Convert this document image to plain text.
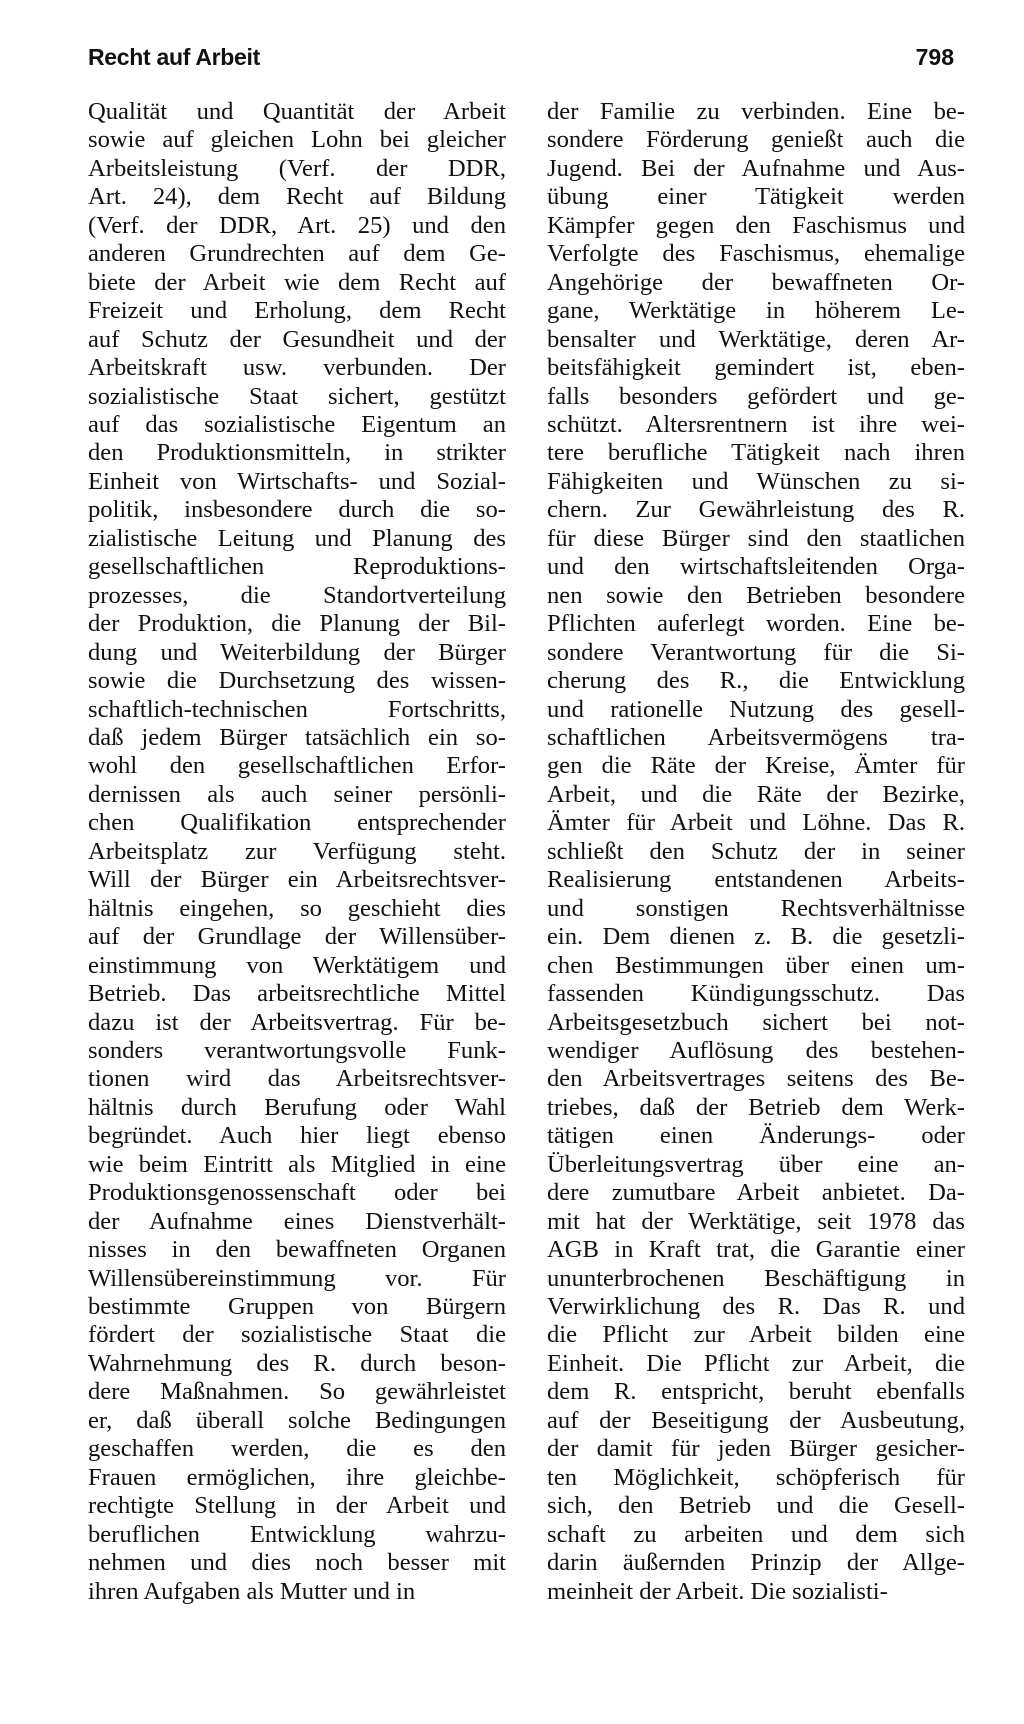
Recht auf Arbeit	798
Qualität und Quantität der Arbeit
sowie auf gleichen Lohn bei gleicher
Arbeitsleistung (Verf. der DDR,
Art. 24), dem Recht auf Bildung
(Verf. der DDR, Art. 25) und den
anderen Grundrechten auf dem Ge-
biete der Arbeit wie dem Recht auf
Freizeit und Erholung, dem Recht
auf Schutz der Gesundheit und der
Arbeitskraft usw. verbunden. Der
sozialistische Staat sichert, gestützt
auf das sozialistische Eigentum an
den Produktionsmitteln, in strikter
Einheit von Wirtschafts- und Sozial-
politik, insbesondere durch die so-
zialistische Leitung und Planung des
gesellschaftlichen Reproduktions-
prozesses, die Standortverteilung
der Produktion, die Planung der Bil-
dung und Weiterbildung der Bürger
sowie die Durchsetzung des wissen-
schaftlich-technischen Fortschritts,
daß jedem Bürger tatsächlich ein so-
wohl den gesellschaftlichen Erfor-
dernissen als auch seiner persönli-
chen Qualifikation entsprechender
Arbeitsplatz zur Verfügung steht.
Will der Bürger ein Arbeitsrechtsver-
hältnis eingehen, so geschieht dies
auf der Grundlage der Willensüber-
einstimmung von Werktätigem und
Betrieb. Das arbeitsrechtliche Mittel
dazu ist der Arbeitsvertrag. Für be-
sonders verantwortungsvolle Funk-
tionen wird das Arbeitsrechtsver-
hältnis durch Berufung oder Wahl
begründet. Auch hier liegt ebenso
wie beim Eintritt als Mitglied in eine
Produktionsgenossenschaft oder bei
der Aufnahme eines Dienstverhält-
nisses in den bewaffneten Organen
Willensübereinstimmung vor. Für
bestimmte Gruppen von Bürgern
fördert der sozialistische Staat die
Wahrnehmung des R. durch beson-
dere Maßnahmen. So gewährleistet
er, daß überall solche Bedingungen
geschaffen werden, die es den
Frauen ermöglichen, ihre gleichbe-
rechtigte Stellung in der Arbeit und
beruflichen Entwicklung wahrzu-
nehmen und dies noch besser mit
ihren Aufgaben als Mutter und in
der Familie zu verbinden. Eine be-
sondere Förderung genießt auch die
Jugend. Bei der Aufnahme und Aus-
übung einer Tätigkeit werden
Kämpfer gegen den Faschismus und
Verfolgte des Faschismus, ehemalige
Angehörige der bewaffneten Or-
gane, Werktätige in höherem Le-
bensalter und Werktätige, deren Ar-
beitsfähigkeit gemindert ist, eben-
falls besonders gefördert und ge-
schützt. Altersrentnern ist ihre wei-
tere berufliche Tätigkeit nach ihren
Fähigkeiten und Wünschen zu si-
chern. Zur Gewährleistung des R.
für diese Bürger sind den staatlichen
und den wirtschaftsleitenden Orga-
nen sowie den Betrieben besondere
Pflichten auferlegt worden. Eine be-
sondere Verantwortung für die Si-
cherung des R., die Entwicklung
und rationelle Nutzung des gesell-
schaftlichen Arbeitsvermögens tra-
gen die Räte der Kreise, Ämter für
Arbeit, und die Räte der Bezirke,
Ämter für Arbeit und Löhne. Das R.
schließt den Schutz der in seiner
Realisierung entstandenen Arbeits-
und sonstigen Rechtsverhältnisse
ein. Dem dienen z. B. die gesetzli-
chen Bestimmungen über einen um-
fassenden Kündigungsschutz. Das
Arbeitsgesetzbuch sichert bei not-
wendiger Auflösung des bestehen-
den Arbeitsvertrages seitens des Be-
triebes, daß der Betrieb dem Werk-
tätigen einen Änderungs- oder
Überleitungsvertrag über eine an-
dere zumutbare Arbeit anbietet. Da-
mit hat der Werktätige, seit 1978 das
AGB in Kraft trat, die Garantie einer
ununterbrochenen Beschäftigung in
Verwirklichung des R. Das R. und
die Pflicht zur Arbeit bilden eine
Einheit. Die Pflicht zur Arbeit, die
dem R. entspricht, beruht ebenfalls
auf der Beseitigung der Ausbeutung,
der damit für jeden Bürger gesicher-
ten Möglichkeit, schöpferisch für
sich, den Betrieb und die Gesell-
schaft zu arbeiten und dem sich
darin äußernden Prinzip der Allge-
meinheit der Arbeit. Die sozialisti-
